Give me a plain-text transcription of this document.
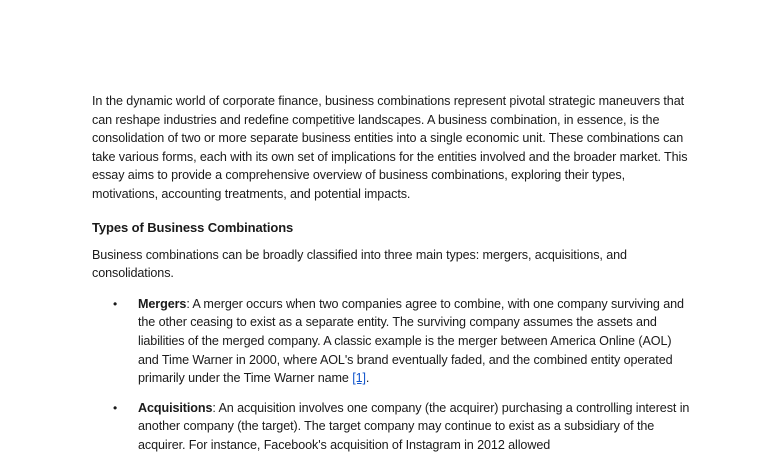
In the dynamic world of corporate finance, business combinations represent pivotal strategic maneuvers that can reshape industries and redefine competitive landscapes. A business combination, in essence, is the consolidation of two or more separate business entities into a single economic unit. These combinations can take various forms, each with its own set of implications for the entities involved and the broader market. This essay aims to provide a comprehensive overview of business combinations, exploring their types, motivations, accounting treatments, and potential impacts.

Types of Business Combinations

Business combinations can be broadly classified into three main types: mergers, acquisitions, and consolidations.

• Mergers: A merger occurs when two companies agree to combine, with one company surviving and the other ceasing to exist as a separate entity. The surviving company assumes the assets and liabilities of the merged company. A classic example is the merger between America Online (AOL) and Time Warner in 2000, where AOL's brand eventually faded, and the combined entity operated primarily under the Time Warner name [1].
• Acquisitions: An acquisition involves one company (the acquirer) purchasing a controlling interest in another company (the target). The target company may continue to exist as a subsidiary of the acquirer. For instance, Facebook's acquisition of Instagram in 2012 allowed
